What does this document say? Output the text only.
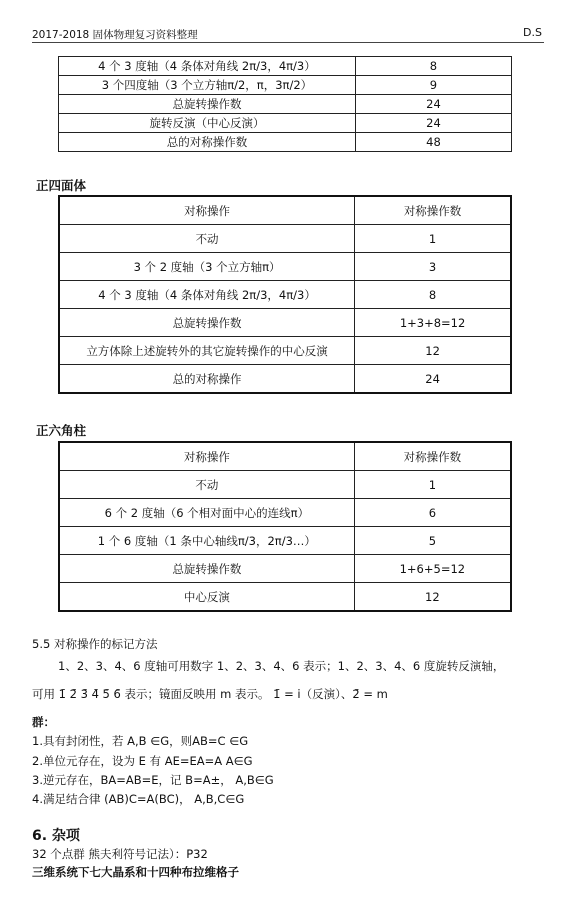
2017-2018 固体物理复习资料整理	D.S
4 个 3 度轴（4 条体对角线 2π/3，4π/3）	8
3 个四度轴（3 个立方轴π/2，π，3π/2）	9
总旋转操作数	24
旋转反演（中心反演）	24
总的对称操作数	48
正四面体
对称操作	对称操作数
不动	1
3 个 2 度轴（3 个立方轴π）	3
4 个 3 度轴（4 条体对角线 2π/3，4π/3）	8
总旋转操作数	1+3+8=12
立方体除上述旋转外的其它旋转操作的中心反演	12
总的对称操作	24
正六角柱
对称操作	对称操作数
不动	1
6 个 2 度轴（6 个相对面中心的连线π）	6
1 个 6 度轴（1 条中心轴线π/3，2π/3…）	5
总旋转操作数	1+6+5=12
中心反演	12
5.5 对称操作的标记方法
1、2、3、4、6 度轴可用数字 1、2、3、4、6 表示；1、2、3、4、6 度旋转反演轴，
可用 1̄ 2̄ 3̄ 4̄ 5̄ 6̄ 表示；镜面反映用 m 表示。 1̄ = i（反演）、2̄ = m
群：
1.具有封闭性，若 A,B ∈G，则AB=C ∈G
2.单位元存在，设为 E 有 AE=EA=A A∈G
3.逆元存在，BA=AB=E，记 B=A±， A,B∈G
4.满足结合律 (AB)C=A(BC)， A,B,C∈G
6. 杂项
32 个点群 熊夫利符号记法）：P32
三维系统下七大晶系和十四种布拉维格子
